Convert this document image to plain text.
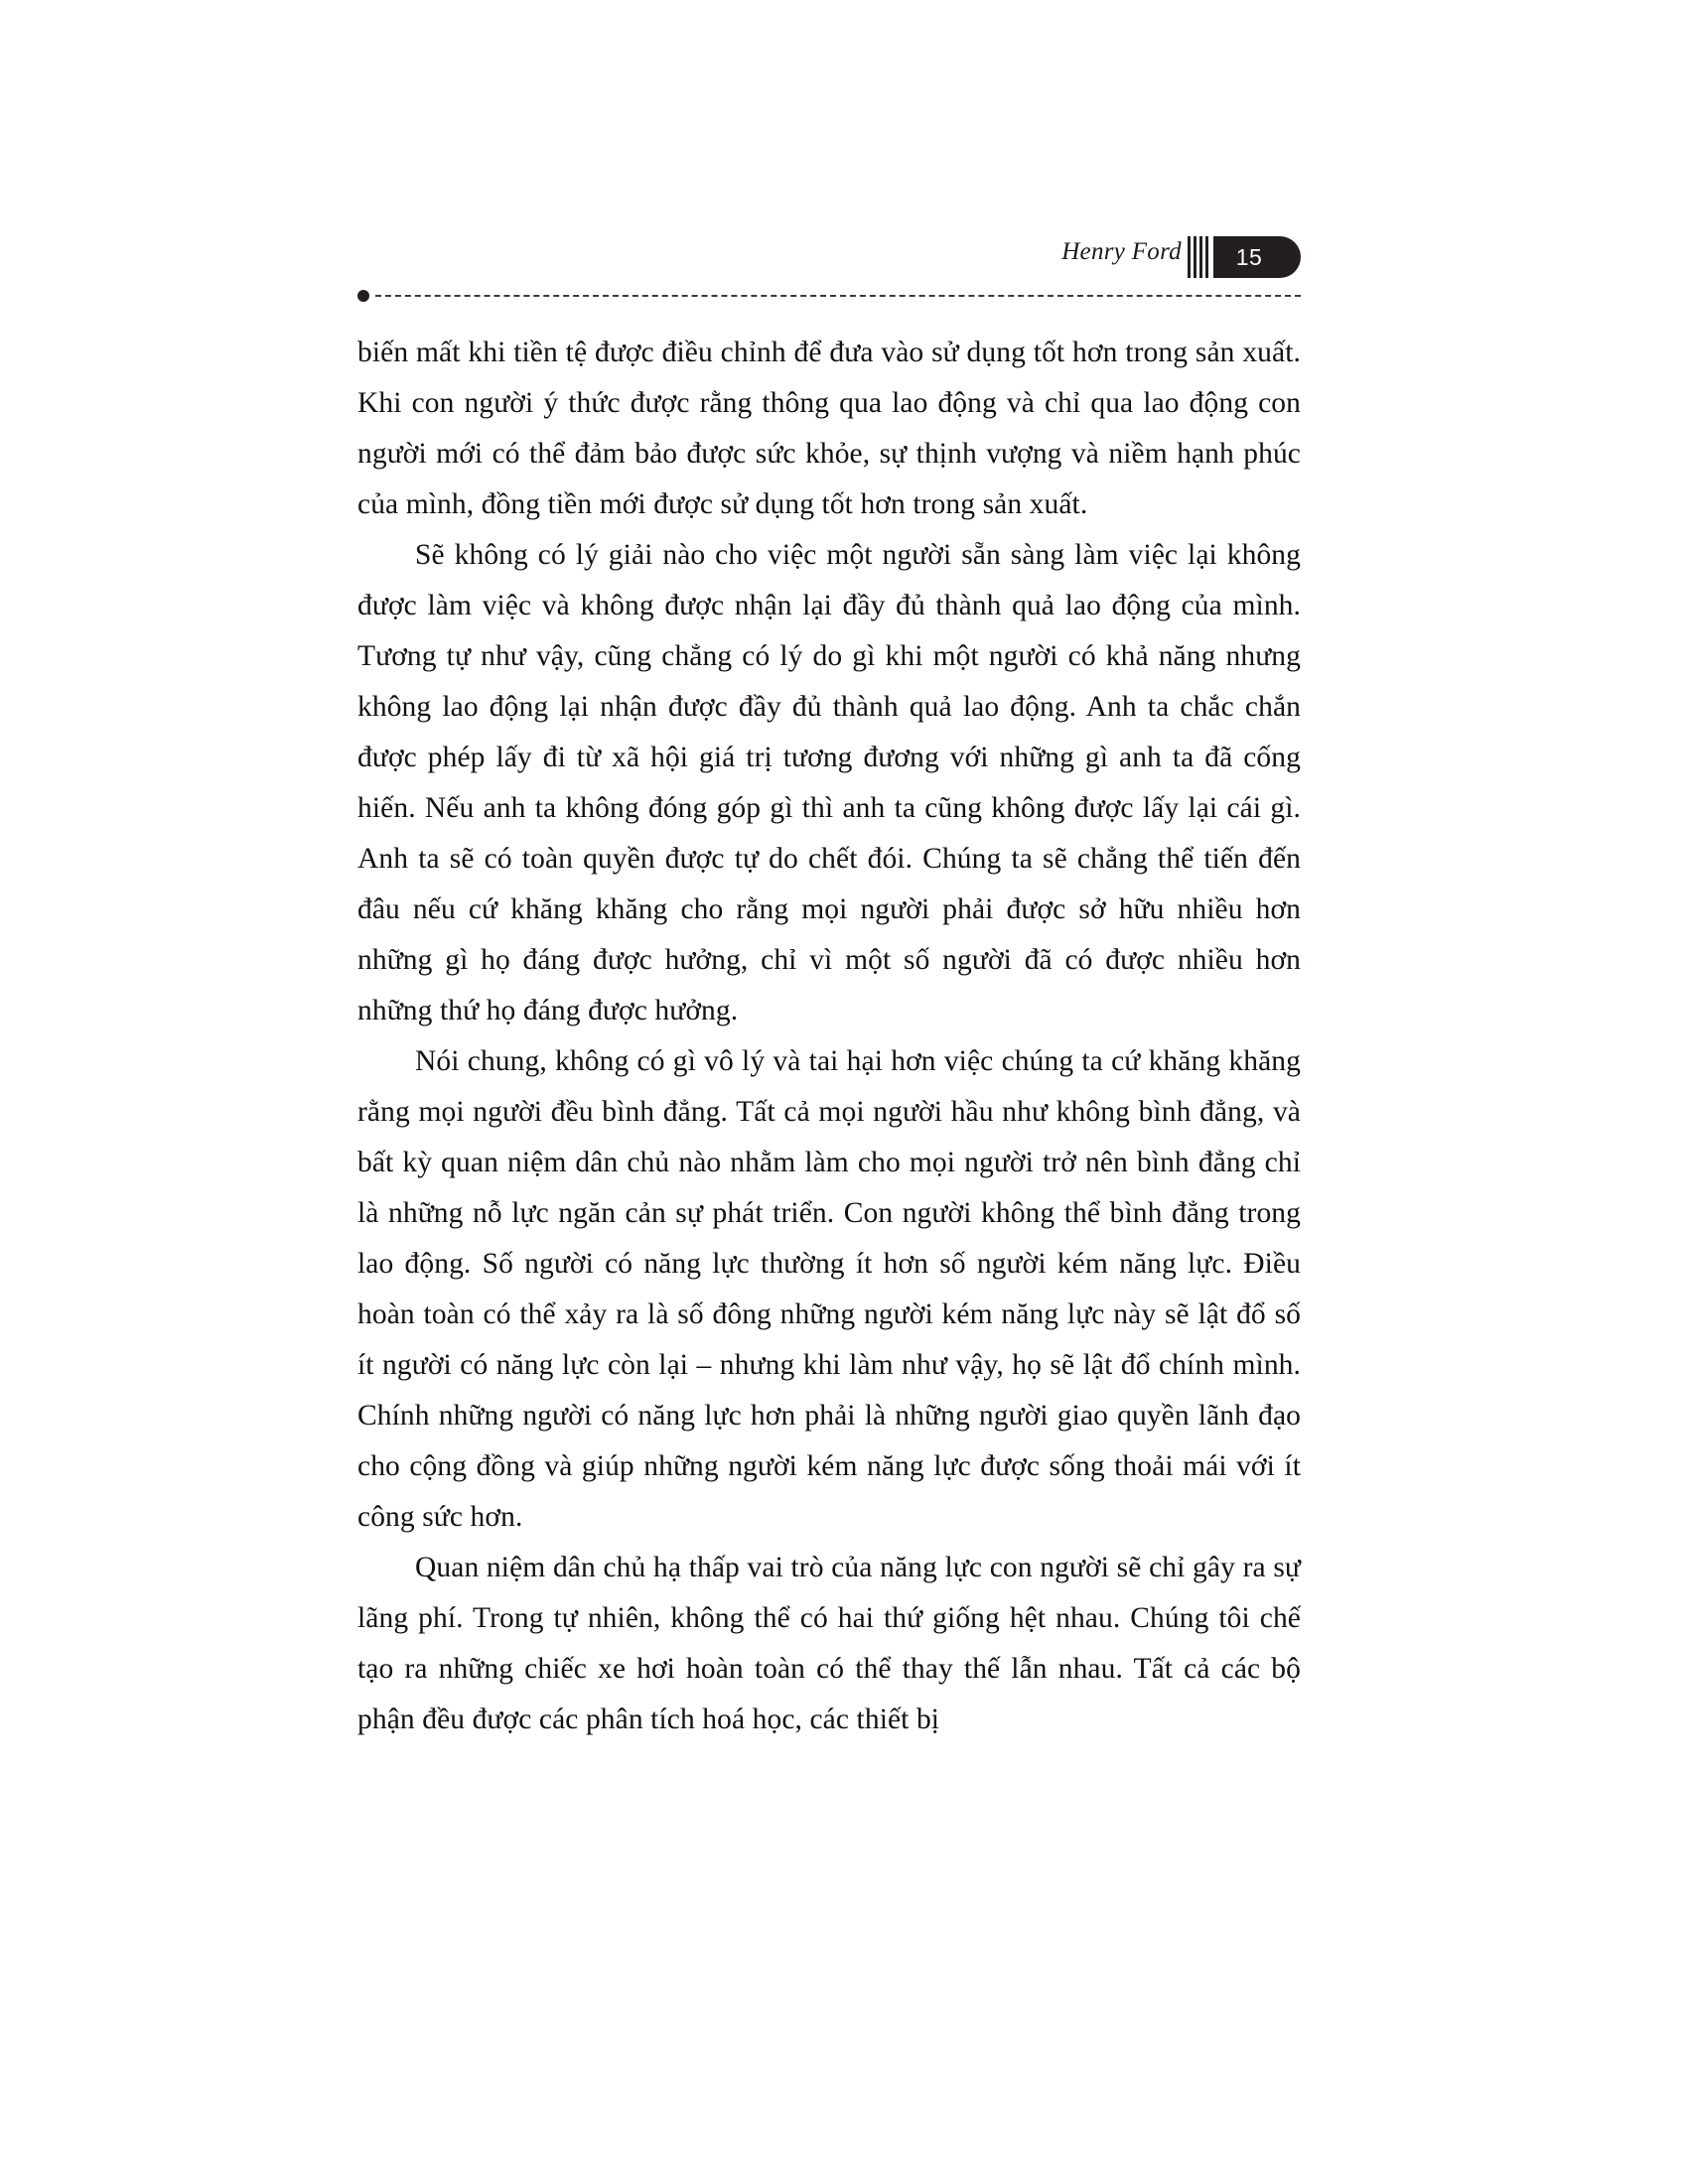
Henry Ford	15

biến mất khi tiền tệ được điều chỉnh để đưa vào sử dụng tốt hơn trong sản xuất. Khi con người ý thức được rằng thông qua lao động và chỉ qua lao động con người mới có thể đảm bảo được sức khỏe, sự thịnh vượng và niềm hạnh phúc của mình, đồng tiền mới được sử dụng tốt hơn trong sản xuất.

Sẽ không có lý giải nào cho việc một người sẵn sàng làm việc lại không được làm việc và không được nhận lại đầy đủ thành quả lao động của mình. Tương tự như vậy, cũng chẳng có lý do gì khi một người có khả năng nhưng không lao động lại nhận được đầy đủ thành quả lao động. Anh ta chắc chắn được phép lấy đi từ xã hội giá trị tương đương với những gì anh ta đã cống hiến. Nếu anh ta không đóng góp gì thì anh ta cũng không được lấy lại cái gì. Anh ta sẽ có toàn quyền được tự do chết đói. Chúng ta sẽ chẳng thể tiến đến đâu nếu cứ khăng khăng cho rằng mọi người phải được sở hữu nhiều hơn những gì họ đáng được hưởng, chỉ vì một số người đã có được nhiều hơn những thứ họ đáng được hưởng.

Nói chung, không có gì vô lý và tai hại hơn việc chúng ta cứ khăng khăng rằng mọi người đều bình đẳng. Tất cả mọi người hầu như không bình đẳng, và bất kỳ quan niệm dân chủ nào nhằm làm cho mọi người trở nên bình đẳng chỉ là những nỗ lực ngăn cản sự phát triển. Con người không thể bình đẳng trong lao động. Số người có năng lực thường ít hơn số người kém năng lực. Điều hoàn toàn có thể xảy ra là số đông những người kém năng lực này sẽ lật đổ số ít người có năng lực còn lại – nhưng khi làm như vậy, họ sẽ lật đổ chính mình. Chính những người có năng lực hơn phải là những người giao quyền lãnh đạo cho cộng đồng và giúp những người kém năng lực được sống thoải mái với ít công sức hơn.

Quan niệm dân chủ hạ thấp vai trò của năng lực con người sẽ chỉ gây ra sự lãng phí. Trong tự nhiên, không thể có hai thứ giống hệt nhau. Chúng tôi chế tạo ra những chiếc xe hơi hoàn toàn có thể thay thế lẫn nhau. Tất cả các bộ phận đều được các phân tích hoá học, các thiết bị
